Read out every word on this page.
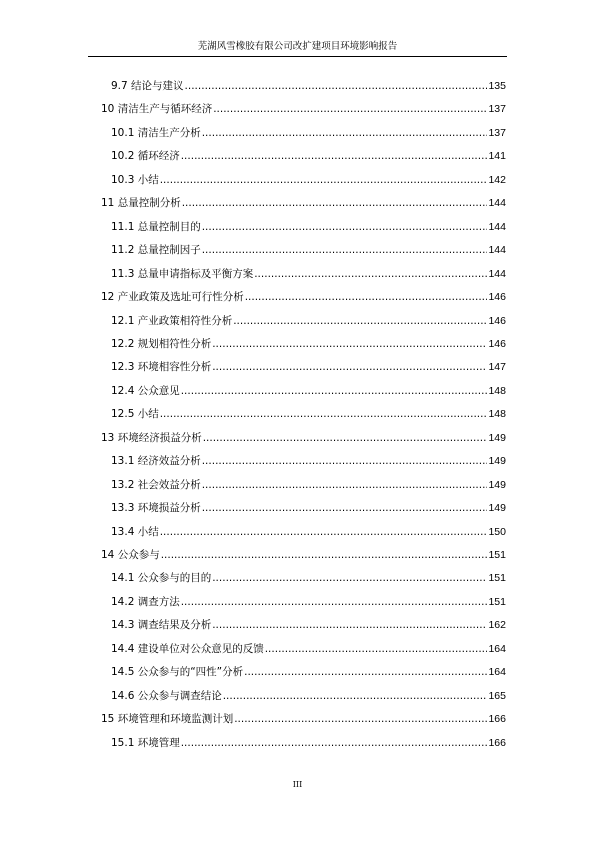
芜湖风雪橡胶有限公司改扩建项目环境影响报告
9.7 结论与建议 .....	135
10 清洁生产与循环经济 .....	137
10.1 清洁生产分析 .....	137
10.2 循环经济 .....	141
10.3 小结 .....	142
11 总量控制分析 .....	144
11.1 总量控制目的 .....	144
11.2 总量控制因子 .....	144
11.3 总量申请指标及平衡方案 .....	144
12 产业政策及选址可行性分析 .....	146
12.1 产业政策相符性分析 .....	146
12.2 规划相符性分析 .....	146
12.3 环境相容性分析 .....	147
12.4 公众意见 .....	148
12.5 小结 .....	148
13 环境经济损益分析 .....	149
13.1 经济效益分析 .....	149
13.2 社会效益分析 .....	149
13.3 环境损益分析 .....	149
13.4 小结 .....	150
14 公众参与 .....	151
14.1 公众参与的目的 .....	151
14.2 调查方法 .....	151
14.3 调查结果及分析 .....	162
14.4 建设单位对公众意见的反馈 .....	164
14.5 公众参与的“四性”分析 .....	164
14.6 公众参与调查结论 .....	165
15 环境管理和环境监测计划 .....	166
15.1 环境管理 .....	166
III
